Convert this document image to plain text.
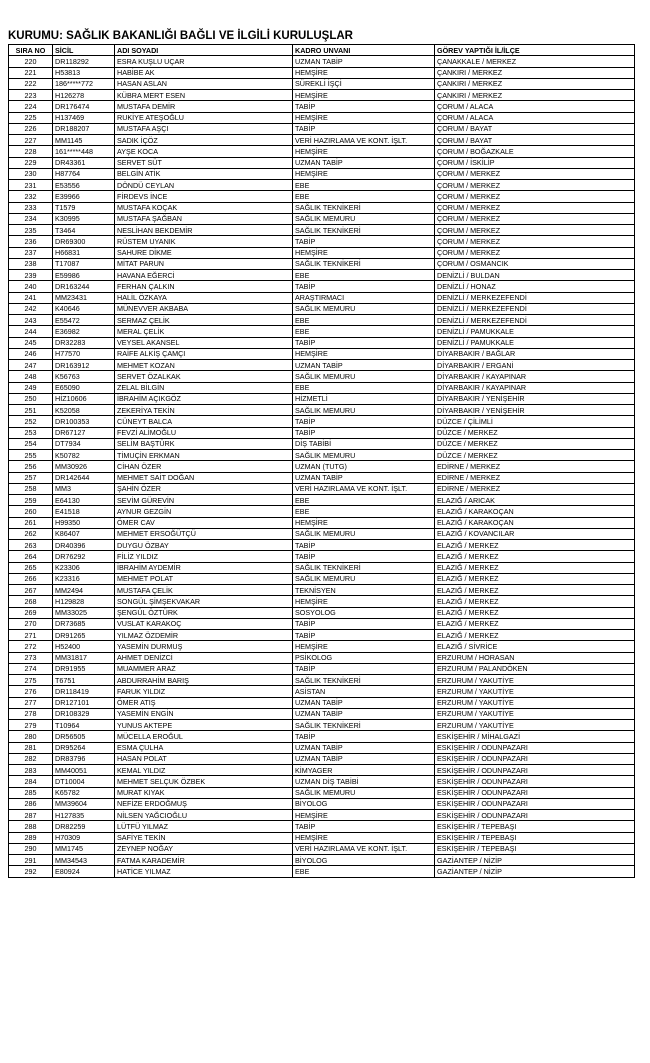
KURUMU: SAĞLIK BAKANLIĞI BAĞLI VE İLGİLİ KURULUŞLAR
SIRA NO	SİCİL	ADI SOYADI	KADRO UNVANI	GÖREV YAPTIĞI İL/İLÇE
220	DR118292	ESRA KUŞLU UÇAR	UZMAN TABİP	ÇANAKKALE / MERKEZ
221	H53813	HABİBE AK	HEMŞİRE	ÇANKIRI / MERKEZ
222	186*****772	HASAN ASLAN	SÜREKLİ İŞÇİ	ÇANKIRI / MERKEZ
223	H126278	KÜBRA MERT ESEN	HEMŞİRE	ÇANKIRI / MERKEZ
224	DR176474	MUSTAFA DEMİR	TABİP	ÇORUM / ALACA
225	H137469	RUKİYE ATEŞOĞLU	HEMŞİRE	ÇORUM / ALACA
226	DR188207	MUSTAFA AŞÇI	TABİP	ÇORUM / BAYAT
227	MM1145	SADIK İÇÖZ	VERİ HAZIRLAMA VE KONT. İŞLT.	ÇORUM / BAYAT
228	161*****448	AYŞE KOCA	HEMŞİRE	ÇORUM / BOĞAZKALE
229	DR43361	SERVET SÜT	UZMAN TABİP	ÇORUM / İSKİLİP
230	H87764	BELGİN ATİK	HEMŞİRE	ÇORUM / MERKEZ
231	E53556	DÖNDÜ CEYLAN	EBE	ÇORUM / MERKEZ
232	E39966	FİRDEVS İNCE	EBE	ÇORUM / MERKEZ
233	T1579	MUSTAFA KOÇAK	SAĞLIK TEKNİKERİ	ÇORUM / MERKEZ
234	K30995	MUSTAFA ŞAĞBAN	SAĞLIK MEMURU	ÇORUM / MERKEZ
235	T3464	NESLİHAN BEKDEMİR	SAĞLIK TEKNİKERİ	ÇORUM / MERKEZ
236	DR69300	RÜSTEM UYANIK	TABİP	ÇORUM / MERKEZ
237	H66831	SAHURE DİKME	HEMŞİRE	ÇORUM / MERKEZ
238	T17087	MİTAT PARUN	SAĞLIK TEKNİKERİ	ÇORUM / OSMANCIK
239	E59986	HAVANA EĞERCİ	EBE	DENİZLİ / BULDAN
240	DR163244	FERHAN ÇALKIN	TABİP	DENİZLİ / HONAZ
241	MM23431	HALİL ÖZKAYA	ARAŞTIRMACI	DENİZLİ / MERKEZEFENDİ
242	K40646	MÜNEVVER AKBABA	SAĞLIK MEMURU	DENİZLİ / MERKEZEFENDİ
243	E55472	SERMAZ ÇELİK	EBE	DENİZLİ / MERKEZEFENDİ
244	E36982	MERAL ÇELİK	EBE	DENİZLİ / PAMUKKALE
245	DR32283	VEYSEL AKANSEL	TABİP	DENİZLİ / PAMUKKALE
246	H77570	RAİFE ALKİŞ ÇAMÇI	HEMŞİRE	DİYARBAKIR / BAĞLAR
247	DR163912	MEHMET KOZAN	UZMAN TABİP	DİYARBAKIR / ERGANİ
248	K56763	SERVET ÖZALKAK	SAĞLIK MEMURU	DİYARBAKIR / KAYAPINAR
249	E65090	ZELAL BİLGİN	EBE	DİYARBAKIR / KAYAPINAR
250	HİZ10606	İBRAHİM AÇIKGÖZ	HİZMETLİ	DİYARBAKIR / YENİŞEHİR
251	K52058	ZEKERİYA TEKİN	SAĞLIK MEMURU	DİYARBAKIR / YENİŞEHİR
252	DR100353	CÜNEYT BALCA	TABİP	DÜZCE / ÇİLİMLİ
253	DR67127	FEVZİ ALİMOĞLU	TABİP	DÜZCE / MERKEZ
254	DT7934	SELİM BAŞTÜRK	DİŞ TABİBİ	DÜZCE / MERKEZ
255	K50782	TİMUÇİN ERKMAN	SAĞLIK MEMURU	DÜZCE / MERKEZ
256	MM30926	CİHAN ÖZER	UZMAN (TUTG)	EDİRNE / MERKEZ
257	DR142644	MEHMET SAİT DOĞAN	UZMAN TABİP	EDİRNE / MERKEZ
258	MM3	ŞAHİN ÖZER	VERİ HAZIRLAMA VE KONT. İŞLT.	EDİRNE / MERKEZ
259	E64130	SEVİM GÜREVİN	EBE	ELAZIĞ / ARICAK
260	E41518	AYNUR GEZGİN	EBE	ELAZIĞ / KARAKOÇAN
261	H99350	ÖMER CAV	HEMŞİRE	ELAZIĞ / KARAKOÇAN
262	K86407	MEHMET ERSOĞÜTÇÜ	SAĞLIK MEMURU	ELAZIĞ / KOVANCILAR
263	DR40396	DUYGU ÖZBAY	TABİP	ELAZIĞ / MERKEZ
264	DR76292	FİLİZ YILDIZ	TABİP	ELAZIĞ / MERKEZ
265	K23306	İBRAHİM AYDEMİR	SAĞLIK TEKNİKERİ	ELAZIĞ / MERKEZ
266	K23316	MEHMET POLAT	SAĞLIK MEMURU	ELAZIĞ / MERKEZ
267	MM2494	MUSTAFA ÇELİK	TEKNİSYEN	ELAZIĞ / MERKEZ
268	H129828	SONGÜL ŞİMŞEKVAKAR	HEMŞİRE	ELAZIĞ / MERKEZ
269	MM33025	ŞENGÜL ÖZTÜRK	SOSYOLOG	ELAZIĞ / MERKEZ
270	DR73685	VUSLAT KARAKOÇ	TABİP	ELAZIĞ / MERKEZ
271	DR91265	YILMAZ ÖZDEMİR	TABİP	ELAZIĞ / MERKEZ
272	H52400	YASEMİN DURMUŞ	HEMŞİRE	ELAZIĞ / SİVRİCE
273	MM31817	AHMET DENİZCİ	PSİKOLOG	ERZURUM / HORASAN
274	DR91955	MUAMMER ARAZ	TABİP	ERZURUM / PALANDÖKEN
275	T6751	ABDURRAHİM BARIŞ	SAĞLIK TEKNİKERİ	ERZURUM / YAKUTİYE
276	DR118419	FARUK YILDIZ	ASİSTAN	ERZURUM / YAKUTİYE
277	DR127101	ÖMER ATIŞ	UZMAN TABİP	ERZURUM / YAKUTİYE
278	DR108329	YASEMİN ENGİN	UZMAN TABİP	ERZURUM / YAKUTİYE
279	T10964	YUNUS AKTEPE	SAĞLIK TEKNİKERİ	ERZURUM / YAKUTİYE
280	DR56505	MÜCELLA EROĞUL	TABİP	ESKİŞEHİR / MİHALGAZİ
281	DR95264	ESMA ÇULHA	UZMAN TABİP	ESKİŞEHİR / ODUNPAZARI
282	DR83796	HASAN POLAT	UZMAN TABİP	ESKİŞEHİR / ODUNPAZARI
283	MM40051	KEMAL YILDIZ	KİMYAGER	ESKİŞEHİR / ODUNPAZARI
284	DT10004	MEHMET SELÇUK ÖZBEK	UZMAN DİŞ TABİBİ	ESKİŞEHİR / ODUNPAZARI
285	K65782	MURAT KIYAK	SAĞLIK MEMURU	ESKİŞEHİR / ODUNPAZARI
286	MM39604	NEFİZE ERDOĞMUŞ	BİYOLOG	ESKİŞEHİR / ODUNPAZARI
287	H127835	NİLSEN YAĞCIOĞLU	HEMŞİRE	ESKİŞEHİR / ODUNPAZARI
288	DR82259	LÜTFÜ YILMAZ	TABİP	ESKİŞEHİR / TEPEBAŞI
289	H70309	SAFİYE TEKİN	HEMŞİRE	ESKİŞEHİR / TEPEBAŞI
290	MM1745	ZEYNEP NOĞAY	VERİ HAZIRLAMA VE KONT. İŞLT.	ESKİŞEHİR / TEPEBAŞI
291	MM34543	FATMA KARADEMİR	BİYOLOG	GAZİANTEP / NİZİP
292	E80924	HATİCE YILMAZ	EBE	GAZİANTEP / NİZİP
